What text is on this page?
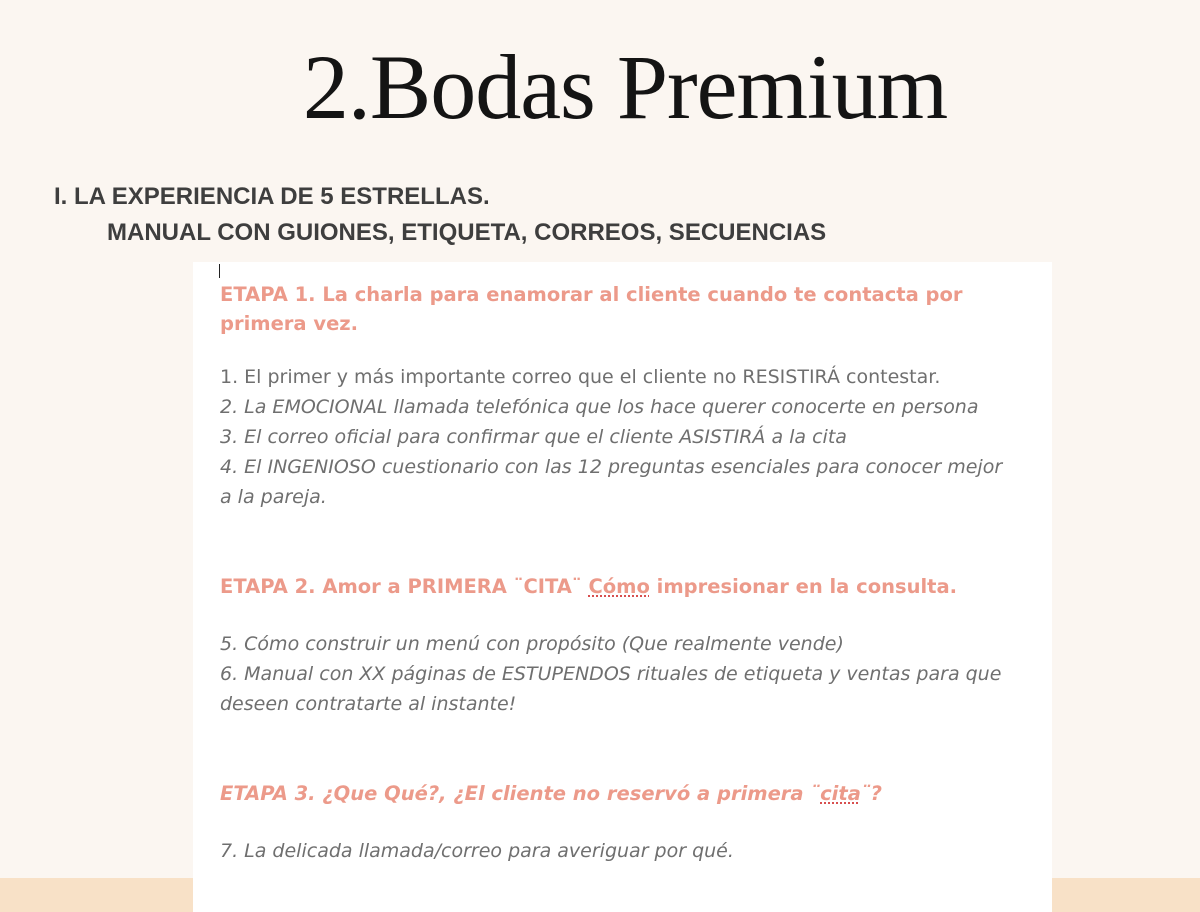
2.Bodas Premium
I. LA EXPERIENCIA DE 5 ESTRELLAS.
MANUAL CON GUIONES, ETIQUETA, CORREOS, SECUENCIAS
ETAPA 1. La charla para enamorar al cliente cuando te contacta por primera vez.
1. El primer y más importante correo que el cliente no RESISTIRÁ contestar.
2. La EMOCIONAL llamada telefónica que los hace querer conocerte en persona
3. El correo oficial para confirmar que el cliente ASISTIRÁ a la cita
4. El INGENIOSO cuestionario con las 12 preguntas esenciales para conocer mejor a la pareja.
ETAPA 2. Amor a PRIMERA ¨CITA¨ Cómo impresionar en la consulta.
5. Cómo construir un menú con propósito (Que realmente vende)
6. Manual con XX páginas de ESTUPENDOS rituales de etiqueta y ventas para que deseen contratarte al instante!
ETAPA 3. ¿Que Qué?, ¿El cliente no reservó a primera ¨cita¨?
7. La delicada llamada/correo para averiguar por qué.
